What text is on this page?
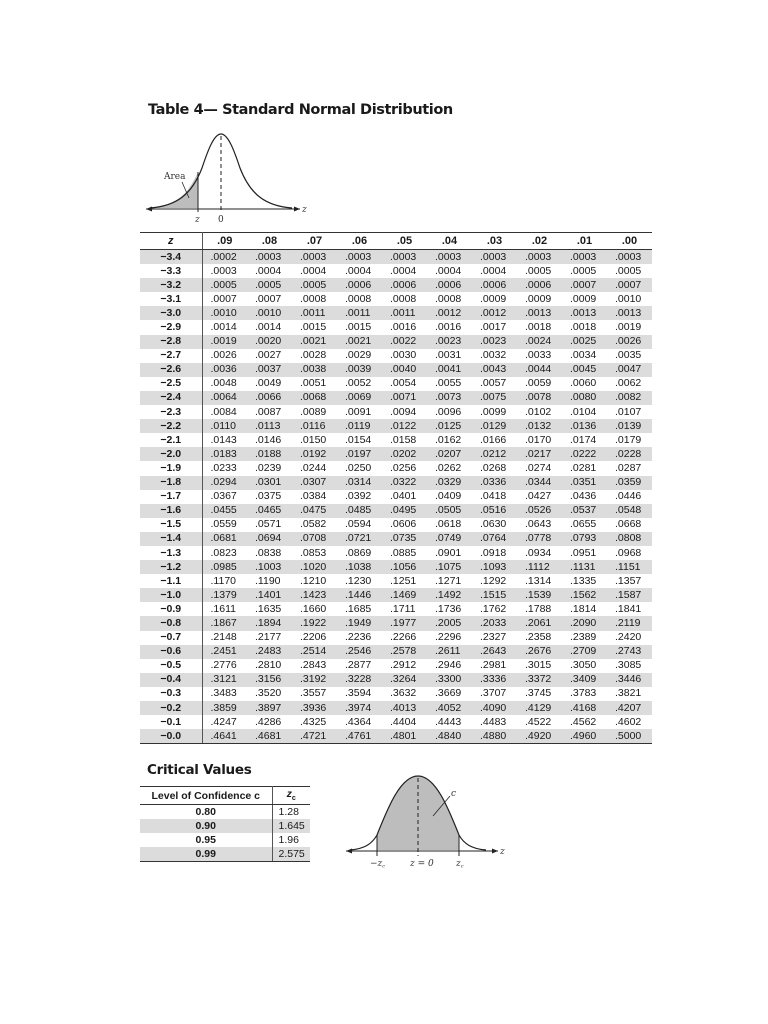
Table 4— Standard Normal Distribution
Area
z 0
z
z	.09	.08	.07	.06	.05	.04	.03	.02	.01	.00
−3.4	.0002	.0003	.0003	.0003	.0003	.0003	.0003	.0003	.0003	.0003
−3.3	.0003	.0004	.0004	.0004	.0004	.0004	.0004	.0005	.0005	.0005
−3.2	.0005	.0005	.0005	.0006	.0006	.0006	.0006	.0006	.0007	.0007
−3.1	.0007	.0007	.0008	.0008	.0008	.0008	.0009	.0009	.0009	.0010
−3.0	.0010	.0010	.0011	.0011	.0011	.0012	.0012	.0013	.0013	.0013
−2.9	.0014	.0014	.0015	.0015	.0016	.0016	.0017	.0018	.0018	.0019
−2.8	.0019	.0020	.0021	.0021	.0022	.0023	.0023	.0024	.0025	.0026
−2.7	.0026	.0027	.0028	.0029	.0030	.0031	.0032	.0033	.0034	.0035
−2.6	.0036	.0037	.0038	.0039	.0040	.0041	.0043	.0044	.0045	.0047
−2.5	.0048	.0049	.0051	.0052	.0054	.0055	.0057	.0059	.0060	.0062
−2.4	.0064	.0066	.0068	.0069	.0071	.0073	.0075	.0078	.0080	.0082
−2.3	.0084	.0087	.0089	.0091	.0094	.0096	.0099	.0102	.0104	.0107
−2.2	.0110	.0113	.0116	.0119	.0122	.0125	.0129	.0132	.0136	.0139
−2.1	.0143	.0146	.0150	.0154	.0158	.0162	.0166	.0170	.0174	.0179
−2.0	.0183	.0188	.0192	.0197	.0202	.0207	.0212	.0217	.0222	.0228
−1.9	.0233	.0239	.0244	.0250	.0256	.0262	.0268	.0274	.0281	.0287
−1.8	.0294	.0301	.0307	.0314	.0322	.0329	.0336	.0344	.0351	.0359
−1.7	.0367	.0375	.0384	.0392	.0401	.0409	.0418	.0427	.0436	.0446
−1.6	.0455	.0465	.0475	.0485	.0495	.0505	.0516	.0526	.0537	.0548
−1.5	.0559	.0571	.0582	.0594	.0606	.0618	.0630	.0643	.0655	.0668
−1.4	.0681	.0694	.0708	.0721	.0735	.0749	.0764	.0778	.0793	.0808
−1.3	.0823	.0838	.0853	.0869	.0885	.0901	.0918	.0934	.0951	.0968
−1.2	.0985	.1003	.1020	.1038	.1056	.1075	.1093	.1112	.1131	.1151
−1.1	.1170	.1190	.1210	.1230	.1251	.1271	.1292	.1314	.1335	.1357
−1.0	.1379	.1401	.1423	.1446	.1469	.1492	.1515	.1539	.1562	.1587
−0.9	.1611	.1635	.1660	.1685	.1711	.1736	.1762	.1788	.1814	.1841
−0.8	.1867	.1894	.1922	.1949	.1977	.2005	.2033	.2061	.2090	.2119
−0.7	.2148	.2177	.2206	.2236	.2266	.2296	.2327	.2358	.2389	.2420
−0.6	.2451	.2483	.2514	.2546	.2578	.2611	.2643	.2676	.2709	.2743
−0.5	.2776	.2810	.2843	.2877	.2912	.2946	.2981	.3015	.3050	.3085
−0.4	.3121	.3156	.3192	.3228	.3264	.3300	.3336	.3372	.3409	.3446
−0.3	.3483	.3520	.3557	.3594	.3632	.3669	.3707	.3745	.3783	.3821
−0.2	.3859	.3897	.3936	.3974	.4013	.4052	.4090	.4129	.4168	.4207
−0.1	.4247	.4286	.4325	.4364	.4404	.4443	.4483	.4522	.4562	.4602
−0.0	.4641	.4681	.4721	.4761	.4801	.4840	.4880	.4920	.4960	.5000
Critical Values
Level of Confidence c	$z_c$
0.80	1.28
0.90	1.645
0.95	1.96
0.99	2.575
c
−zc	z = 0 zc
z
